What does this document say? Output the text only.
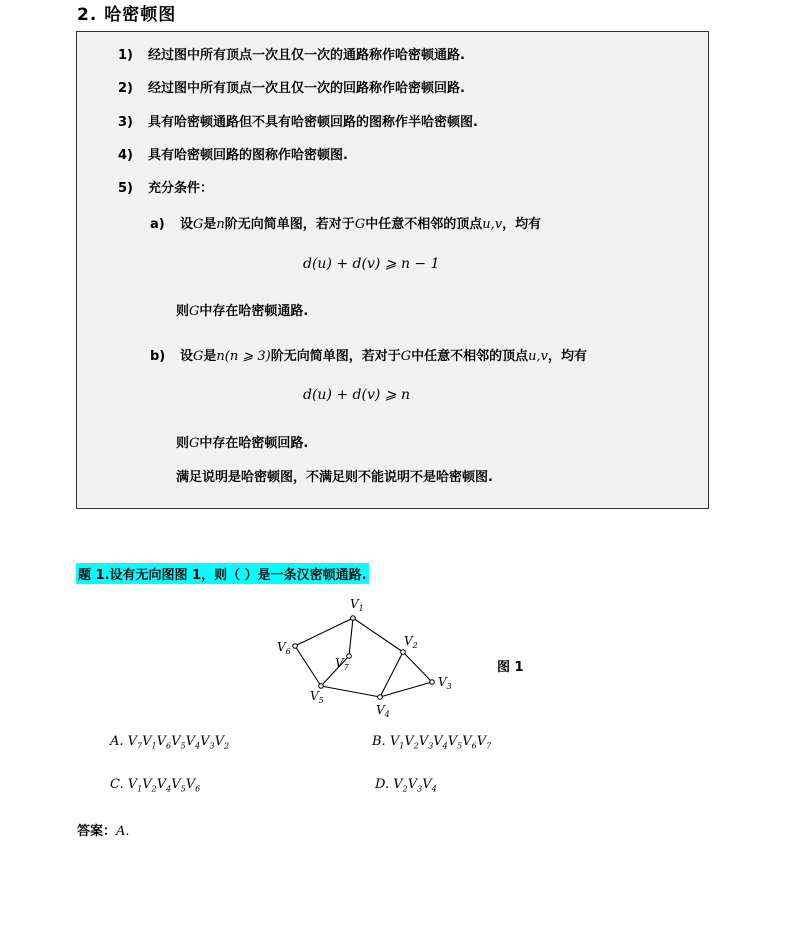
2. 哈密顿图
1) 经过图中所有顶点一次且仅一次的通路称作哈密顿通路.
2) 经过图中所有顶点一次且仅一次的回路称作哈密顿回路.
3) 具有哈密顿通路但不具有哈密顿回路的图称作半哈密顿图.
4) 具有哈密顿回路的图称作哈密顿图.
5) 充分条件：
a) 设G是n阶无向简单图，若对于G中任意不相邻的顶点u,v，均有
d(u) + d(v) ⩾ n − 1
则G中存在哈密顿通路.
b) 设G是n(n ⩾ 3)阶无向简单图，若对于G中任意不相邻的顶点u,v，均有
d(u) + d(v) ⩾ n
则G中存在哈密顿回路.
满足说明是哈密顿图，不满足则不能说明不是哈密顿图.
题 1.设有无向图图 1，则（ ）是一条汉密顿通路.
$V_1$
$V_2$
$V_3$
$V_4$
$V_5$
$V_6$
$V_7$	图 1
A. $V_7V_1V_6V_5V_4V_3V_2$	B. $V_1V_2V_3V_4V_5V_6V_7$
C. $V_1V_2V_4V_5V_6$	D. $V_2V_3V_4$
答案：A.
